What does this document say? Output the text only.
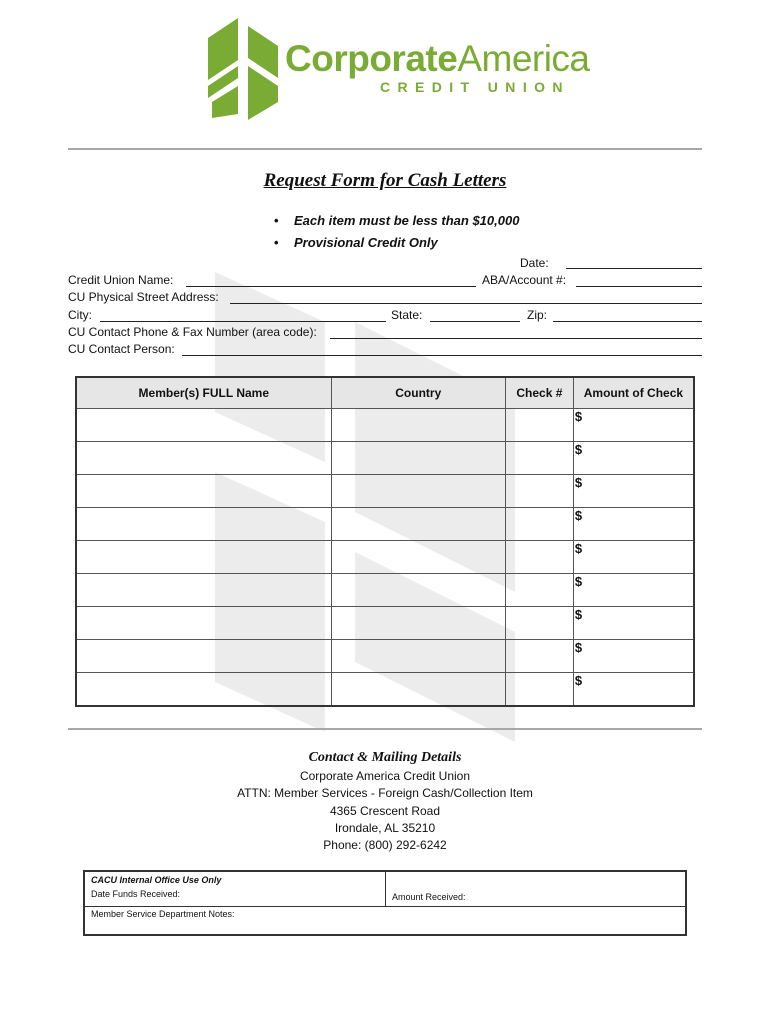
CorporateAmerica
CREDIT UNION
Request Form for Cash Letters
• Each item must be less than $10,000
• Provisional Credit Only
Date:
Credit Union Name:	ABA/Account #:
CU Physical Street Address:
City:	State:	Zip:
CU Contact Phone & Fax Number (area code):
CU Contact Person:
Member(s) FULL Name	Country	Check #	Amount of Check
			$
			$
			$
			$
			$
			$
			$
			$
			$
Contact & Mailing Details
Corporate America Credit Union
ATTN: Member Services - Foreign Cash/Collection Item
4365 Crescent Road
Irondale, AL 35210
Phone: (800) 292-6242
CACU Internal Office Use Only
Date Funds Received:	Amount Received:
Member Service Department Notes:
